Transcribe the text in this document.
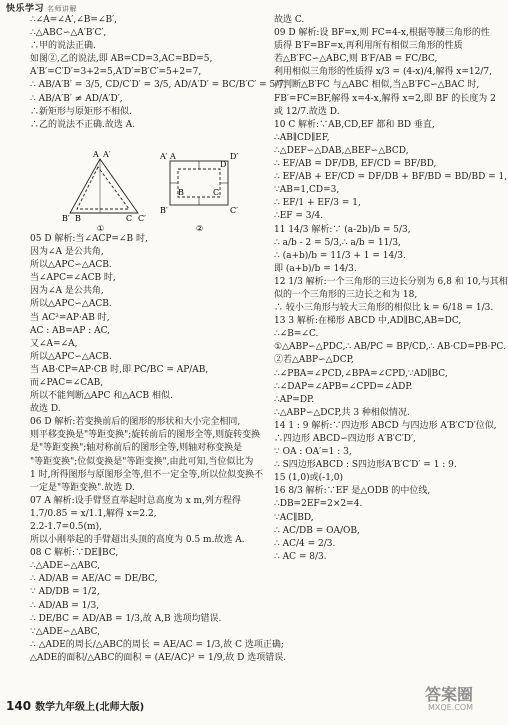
快乐学习 名师讲解
∴∠A=∠A′,∠B=∠B′,
∴△ABC∽△A′B′C′,
∴甲的说法正确.
如图②,乙的说法,即 AB=CD=3,AC=BD=5,
A′B′=C′D′=3+2=5,A′D′=B′C′=5+2=7,
∴ AB/A′B′ = 3/5, CD/C′D′ = 3/5, AD/A′D′ = BC/B′C′ = 5/7,
∴ AB/A′B′ ≠ AD/A′D′,
∴新矩形与原矩形不相似.
∴乙的说法不正确.故选 A.
A A′
B′ B	C C′
①
A
A′
D
D′
B′
B	C
C′
②
05 D 解析:当∠ACP=∠B 时,
因为∠A 是公共角,
所以△APC∽△ACB.
当∠APC=∠ACB 时,
因为∠A 是公共角,
所以△APC∽△ACB.
当 AC²=AP·AB 时,
AC : AB=AP : AC,
又∠A=∠A,
所以△APC∽△ACB.
当 AB·CP=AP·CB 时,即 PC/BC = AP/AB,
而∠PAC=∠CAB,
所以不能判断△APC 和△ACB 相似.
故选 D.
06 D 解析:若变换前后的图形的形状和大小完全相同,
则平移变换是"等距变换";旋转前后的图形全等,则旋转变换
是"等距变换";轴对称前后的图形全等,则轴对称变换是
"等距变换";位似变换是"等距变换",由此可知,当位似比为
1 时,所得图形与原图形全等,但不一定全等,所以位似变换不
一定是"等距变换".故选 D.
07 A 解析:设手臂竖直举起时总高度为 x m,列方程得
1.7/0.85 = x/1.1,解得 x=2.2,
2.2-1.7=0.5(m),
所以小刚举起的手臂超出头顶的高度为 0.5 m.故选 A.
08 C 解析:∵DE∥BC,
∴△ADE∽△ABC,
∴ AD/AB = AE/AC = DE/BC,
∵ AD/DB = 1/2,
∴ AD/AB = 1/3,
∴ DE/BC = AD/AB = 1/3,故 A,B 选项均错误.
∵△ADE∽△ABC,
∴ △ADE的周长/△ABC的周长 = AE/AC = 1/3,故 C 选项正确;
△ADE的面积/△ABC的面积 = (AE/AC)² = 1/9,故 D 选项错误.
故选 C.
09 D 解析:设 BF=x,则 FC=4-x,根据等腰三角形的性
质得 B′F=BF=x,再利用所有相似三角形的性质
若△B′FC∽△ABC,则 B′F/AB = FC/BC,
利用相似三角形的性质得 x/3 = (4-x)/4,解得 x=12/7,
可判断△B′FC 与△ABC 相似,当△B′FC∽△BAC 时,
FB′=FC=BF,解得 x=4-x,解得 x=2,即 BF 的长度为 2
或 12/7.故选 D.
10 C 解析:∵AB,CD,EF 都和 BD 垂直,
∴AB∥CD∥EF,
∴△DEF∽△DAB,△BEF∽△BCD,
∴ EF/AB = DF/DB, EF/CD = BF/BD,
∴ EF/AB + EF/CD = DF/DB + BF/BD = BD/BD = 1,
∵AB=1,CD=3,
∴ EF/1 + EF/3 = 1,
∴EF = 3/4.
11 14/3 解析:∵ (a-2b)/b = 5/3,
∴ a/b - 2 = 5/3,∴ a/b = 11/3,
∴ (a+b)/b = 11/3 + 1 = 14/3.
即 (a+b)/b = 14/3.
12 1/3 解析:一个三角形的三边长分别为 6,8 和 10,与其相
似的一个三角形的三边长之和为 18,
∴ 较小三角形与较大三角形的相似比 k = 6/18 = 1/3.
13 3 解析:在梯形 ABCD 中,AD∥BC,AB=DC,
∴∠B=∠C.
①△ABP∽△PDC,∴ AB/PC = BP/CD,∴ AB·CD=PB·PC.
②若△ABP∽△DCP,
∴∠PBA=∠PCD,∠BPA=∠CPD,∵AD∥BC,
∴∠DAP=∠APB=∠CPD=∠ADP.
∴AP=DP.
∴△ABP∽△DCP,共 3 种相似情况.
14 1 : 9 解析:∵四边形 ABCD 与四边形 A′B′C′D′位似,
∴四边形 ABCD∽四边形 A′B′C′D′,
∵ OA : OA′=1 : 3,
∴ S四边形ABCD : S四边形A′B′C′D′ = 1 : 9.
15 (1,0)或(-1,0)
16 8/3 解析:∵EF 是△ODB 的中位线,
∴DB=2EF=2×2=4.
∵AC∥BD,
∴ AC/DB = OA/OB,
∴ AC/4 = 2/3.
∴ AC = 8/3.
140 数学九年级上(北师大版)
答案圈
MXQE.COM
